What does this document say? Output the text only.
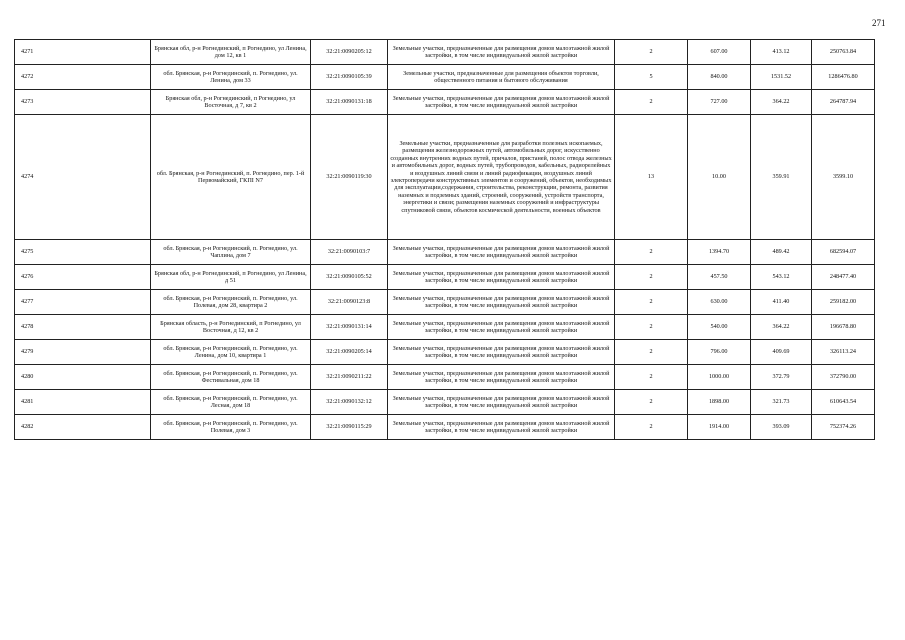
271
4271	Брянская обл, р-н Рогнединский, п Рогнедино, ул Ленина, дом 12, кв 1	32:21:0090205:12	Земельные участки, предназначенные для размещения домов малоэтажной жилой застройки, в том числе индивидуальной жилой застройки	2	607.00	413.12	250763.84
4272	обл. Брянская, р-н Рогнединский, п. Рогнедино, ул. Ленина, дом 33	32:21:0090105:39	Земельные участки, предназначенные для размещения объектов торговли, общественного питания и бытового обслуживания	5	840.00	1531.52	1286476.80
4273	Брянская обл, р-н Рогнединский, п Рогнедино, ул Восточная, д 7, кв 2	32:21:0090131:18	Земельные участки, предназначенные для размещения домов малоэтажной жилой застройки, в том числе индивидуальной жилой застройки	2	727.00	364.22	264787.94
4274	обл. Брянская, р-н Рогнединский, п. Рогнедино, пер. 1-й Первомайский, ГКПI N7	32:21:0090119:30	Земельные участки, предназначенные для разработки полезных ископаемых, размещения железнодорожных путей, автомобильных дорог, искусственно созданных внутренних водных путей, причалов, пристаней, полос отвода железных и автомобильных дорог, водных путей, трубопроводов, кабельных, радиорелейных и воздушных линий связи и линий радиофикации, воздушных линий электропередачи конструктивных элементов и сооружений, объектов, необходимых для эксплуатации,содержания, строительства, реконструкции, ремонта, развития наземных и подземных зданий, строений, сооружений, устройств транспорта, энергетики и связи; размещения наземных сооружений и инфраструктуры спутниковой связи, объектов космической деятельности, военных объектов	13	10.00	359.91	3599.10
4275	обл. Брянская, р-н Рогнединский, п. Рогнедино, ул. Чаплина, дом 7	32:21:0090103:7	Земельные участки, предназначенные для размещения домов малоэтажной жилой застройки, в том числе индивидуальной жилой застройки	2	1394.70	489.42	682594.07
4276	Брянская обл, р-н Рогнединский, п Рогнедино, ул Ленина, д 51	32:21:0090105:52	Земельные участки, предназначенные для размещения домов малоэтажной жилой застройки, в том числе индивидуальной жилой застройки	2	457.50	543.12	248477.40
4277	обл. Брянская, р-н Рогнединский, п. Рогнедино, ул. Полевая, дом 28, квартира 2	32:21:0090123:8	Земельные участки, предназначенные для размещения домов малоэтажной жилой застройки, в том числе индивидуальной жилой застройки	2	630.00	411.40	259182.00
4278	Брянская область, р-н Рогнединский, п Рогнедино, ул Восточная, д 12, кв 2	32:21:0090131:14	Земельные участки, предназначенные для размещения домов малоэтажной жилой застройки, в том числе индивидуальной жилой застройки	2	540.00	364.22	196678.80
4279	обл. Брянская, р-н Рогнединский, п. Рогнедино, ул. Ленина, дом 10, квартира 1	32:21:0090205:14	Земельные участки, предназначенные для размещения домов малоэтажной жилой застройки, в том числе индивидуальной жилой застройки	2	796.00	409.69	326113.24
4280	обл. Брянская, р-н Рогнединский, п. Рогнедино, ул. Фестивальная, дом 18	32:21:0090211:22	Земельные участки, предназначенные для размещения домов малоэтажной жилой застройки, в том числе индивидуальной жилой застройки	2	1000.00	372.79	372790.00
4281	обл. Брянская, р-н Рогнединский, п. Рогнедино, ул. Лесная, дом 18	32:21:0090132:12	Земельные участки, предназначенные для размещения домов малоэтажной жилой застройки, в том числе индивидуальной жилой застройки	2	1898.00	321.73	610643.54
4282	обл. Брянская, р-н Рогнединский, п. Рогнедино, ул. Полевая, дом 3	32:21:0090115:29	Земельные участки, предназначенные для размещения домов малоэтажной жилой застройки, в том числе индивидуальной жилой застройки	2	1914.00	393.09	752374.26
